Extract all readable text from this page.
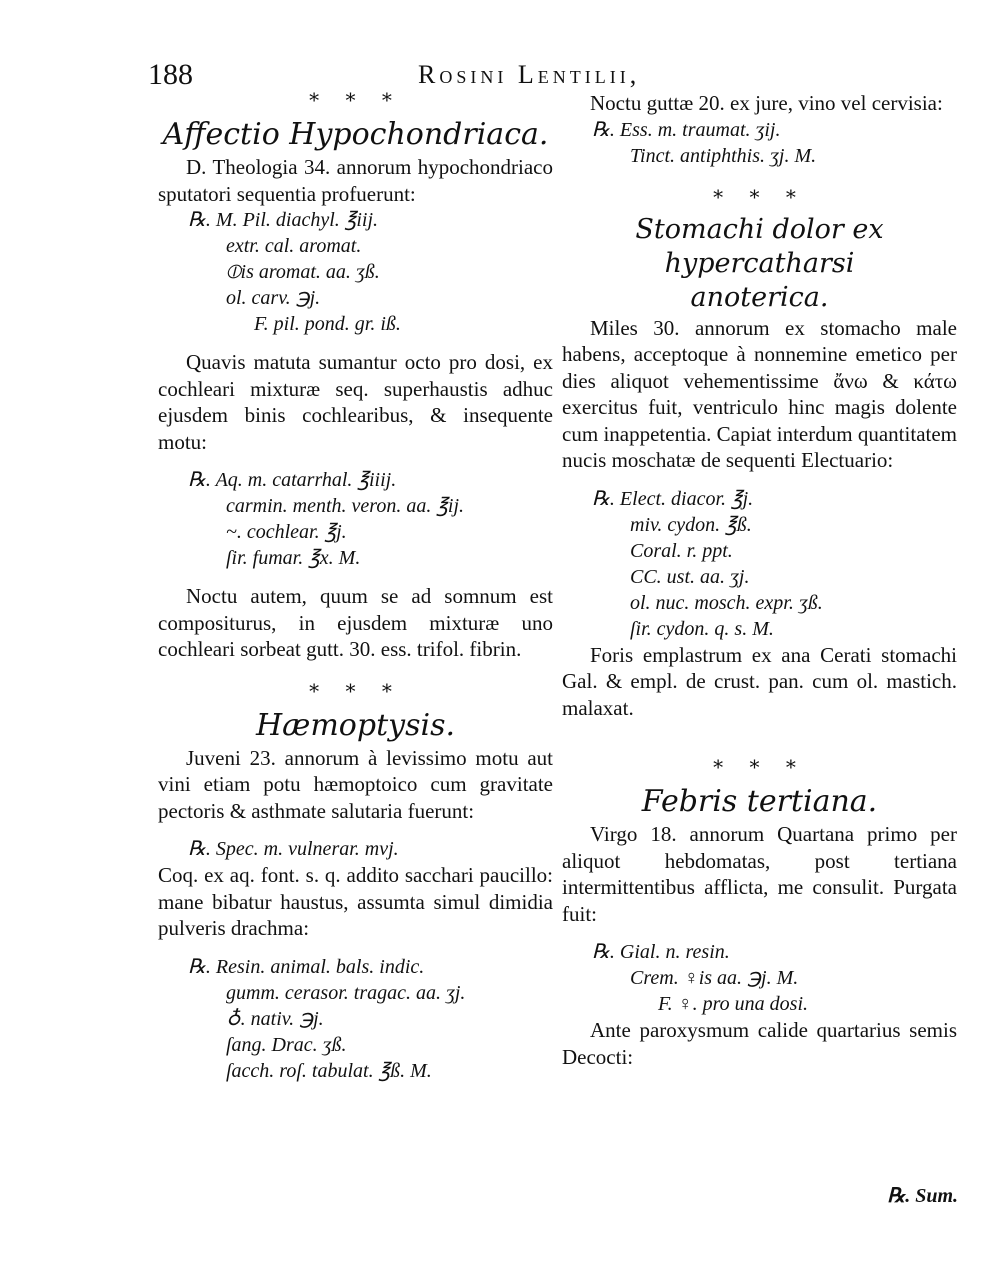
188	Rosini Lentilii,

* * *

Affectio Hypochondriaca.

D. Theologia 34. annorum hypochondriaco sputatori sequentia profuerunt:

℞. M. Pil. diachyl. ℥iij.

extr. cal. aromat.

⦶is aromat. aa. ʒß.

ol. carv. ℈j.

F. pil. pond. gr. iß.

Quavis matuta sumantur octo pro dosi, ex cochleari mixturæ seq. superhaustis adhuc ejusdem binis cochlearibus, & insequente motu:

℞. Aq. m. catarrhal. ℥iiij.

carmin. menth. veron. aa. ℥ij.

~. cochlear. ℥j.

ſir. fumar. ℥x. M.

Noctu autem, quum se ad somnum est compositurus, in ejusdem mixturæ uno cochleari sorbeat gutt. 30. ess. trifol. fibrin.

* * *

Hæmoptysis.

Juveni 23. annorum à levissimo motu aut vini etiam potu hæmoptoico cum gravitate pectoris & asthmate salutaria fuerunt:

℞. Spec. m. vulnerar. mvj.

Coq. ex aq. font. s. q. addito sacchari paucillo: mane bibatur haustus, assumta simul dimidia pulveris drachma:

℞. Resin. animal. bals. indic.

gumm. cerasor. tragac. aa. ʒj.

♁. nativ. ℈j.

ſang. Drac. ʒß.

ſacch. roſ. tabulat. ℥ß. M.

Noctu guttæ 20. ex jure, vino vel cervisia:

℞. Ess. m. traumat. ʒij.

Tinct. antiphthis. ʒj. M.

* * *

Stomachi dolor ex hypercatharsi

anoterica.

Miles 30. annorum ex stomacho male habens, acceptoque à nonnemine emetico per dies aliquot vehementissime ἄνω & κάτω exercitus fuit, ventriculo hinc magis dolente cum inappetentia. Capiat interdum quantitatem nucis moschatæ de sequenti Electuario:

℞. Elect. diacor. ℥j.

miv. cydon. ℥ß.

Coral. r. ppt.

CC. ust. aa. ʒj.

ol. nuc. mosch. expr. ʒß.

ſir. cydon. q. s. M.

Foris emplastrum ex ana Cerati stomachi Gal. & empl. de crust. pan. cum ol. mastich. malaxat.

* * *

Febris tertiana.

Virgo 18. annorum Quartana primo per aliquot hebdomatas, post tertiana intermittentibus afflicta, me consulit. Purgata fuit:

℞. Gial. n. resin.

Crem. ♀is aa. ℈j. M.

F. ♀. pro una dosi.

Ante paroxysmum calide quartarius semis Decocti:

℞. Sum.
